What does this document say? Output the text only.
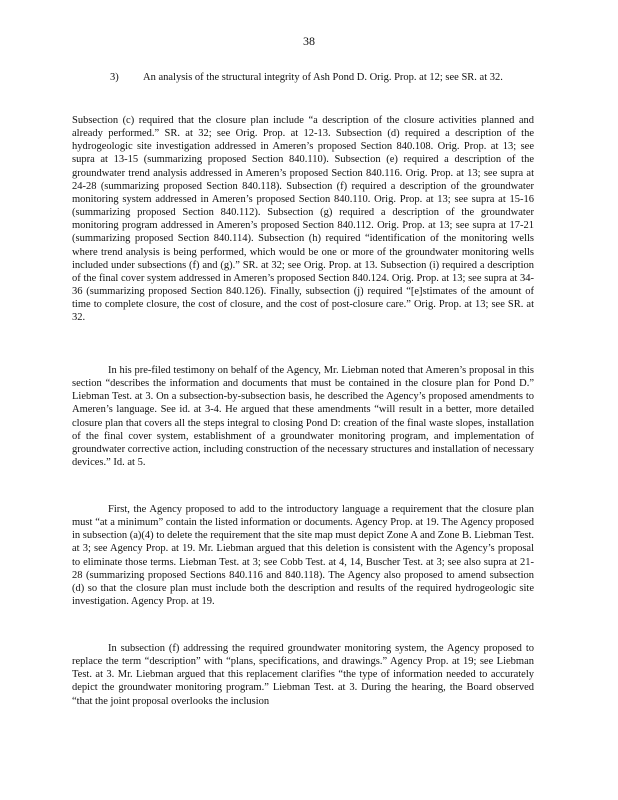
38
3) An analysis of the structural integrity of Ash Pond D. Orig. Prop. at 12; see SR. at 32.

Subsection (c) required that the closure plan include “a description of the closure activities planned and already performed.” SR. at 32; see Orig. Prop. at 12-13. Subsection (d) required a description of the hydrogeologic site investigation addressed in Ameren’s proposed Section 840.108. Orig. Prop. at 13; see supra at 13-15 (summarizing proposed Section 840.110). Subsection (e) required a description of the groundwater trend analysis addressed in Ameren’s proposed Section 840.116. Orig. Prop. at 13; see supra at 24-28 (summarizing proposed Section 840.118). Subsection (f) required a description of the groundwater monitoring system addressed in Ameren’s proposed Section 840.110. Orig. Prop. at 13; see supra at 15-16 (summarizing proposed Section 840.112). Subsection (g) required a description of the groundwater monitoring program addressed in Ameren’s proposed Section 840.112. Orig. Prop. at 13; see supra at 17-21 (summarizing proposed Section 840.114). Subsection (h) required “identification of the monitoring wells where trend analysis is being performed, which would be one or more of the groundwater monitoring wells included under subsections (f) and (g).” SR. at 32; see Orig. Prop. at 13. Subsection (i) required a description of the final cover system addressed in Ameren’s proposed Section 840.124. Orig. Prop. at 13; see supra at 34-36 (summarizing proposed Section 840.126). Finally, subsection (j) required “[e]stimates of the amount of time to complete closure, the cost of closure, and the cost of post-closure care.” Orig. Prop. at 13; see SR. at 32.

In his pre-filed testimony on behalf of the Agency, Mr. Liebman noted that Ameren’s proposal in this section “describes the information and documents that must be contained in the closure plan for Pond D.” Liebman Test. at 3. On a subsection-by-subsection basis, he described the Agency’s proposed amendments to Ameren’s language. See id. at 3-4. He argued that these amendments “will result in a better, more detailed closure plan that covers all the steps integral to closing Pond D: creation of the final waste slopes, installation of the final cover system, establishment of a groundwater monitoring program, and implementation of groundwater corrective action, including construction of the necessary structures and installation of necessary devices.” Id. at 5.

First, the Agency proposed to add to the introductory language a requirement that the closure plan must “at a minimum” contain the listed information or documents. Agency Prop. at 19. The Agency proposed in subsection (a)(4) to delete the requirement that the site map must depict Zone A and Zone B. Liebman Test. at 3; see Agency Prop. at 19. Mr. Liebman argued that this deletion is consistent with the Agency’s proposal to eliminate those terms. Liebman Test. at 3; see Cobb Test. at 4, 14, Buscher Test. at 3; see also supra at 21-28 (summarizing proposed Sections 840.116 and 840.118). The Agency also proposed to amend subsection (d) so that the closure plan must include both the description and results of the required hydrogeologic site investigation. Agency Prop. at 19.

In subsection (f) addressing the required groundwater monitoring system, the Agency proposed to replace the term “description” with “plans, specifications, and drawings.” Agency Prop. at 19; see Liebman Test. at 3. Mr. Liebman argued that this replacement clarifies “the type of information needed to accurately depict the groundwater monitoring program.” Liebman Test. at 3. During the hearing, the Board observed “that the joint proposal overlooks the inclusion
